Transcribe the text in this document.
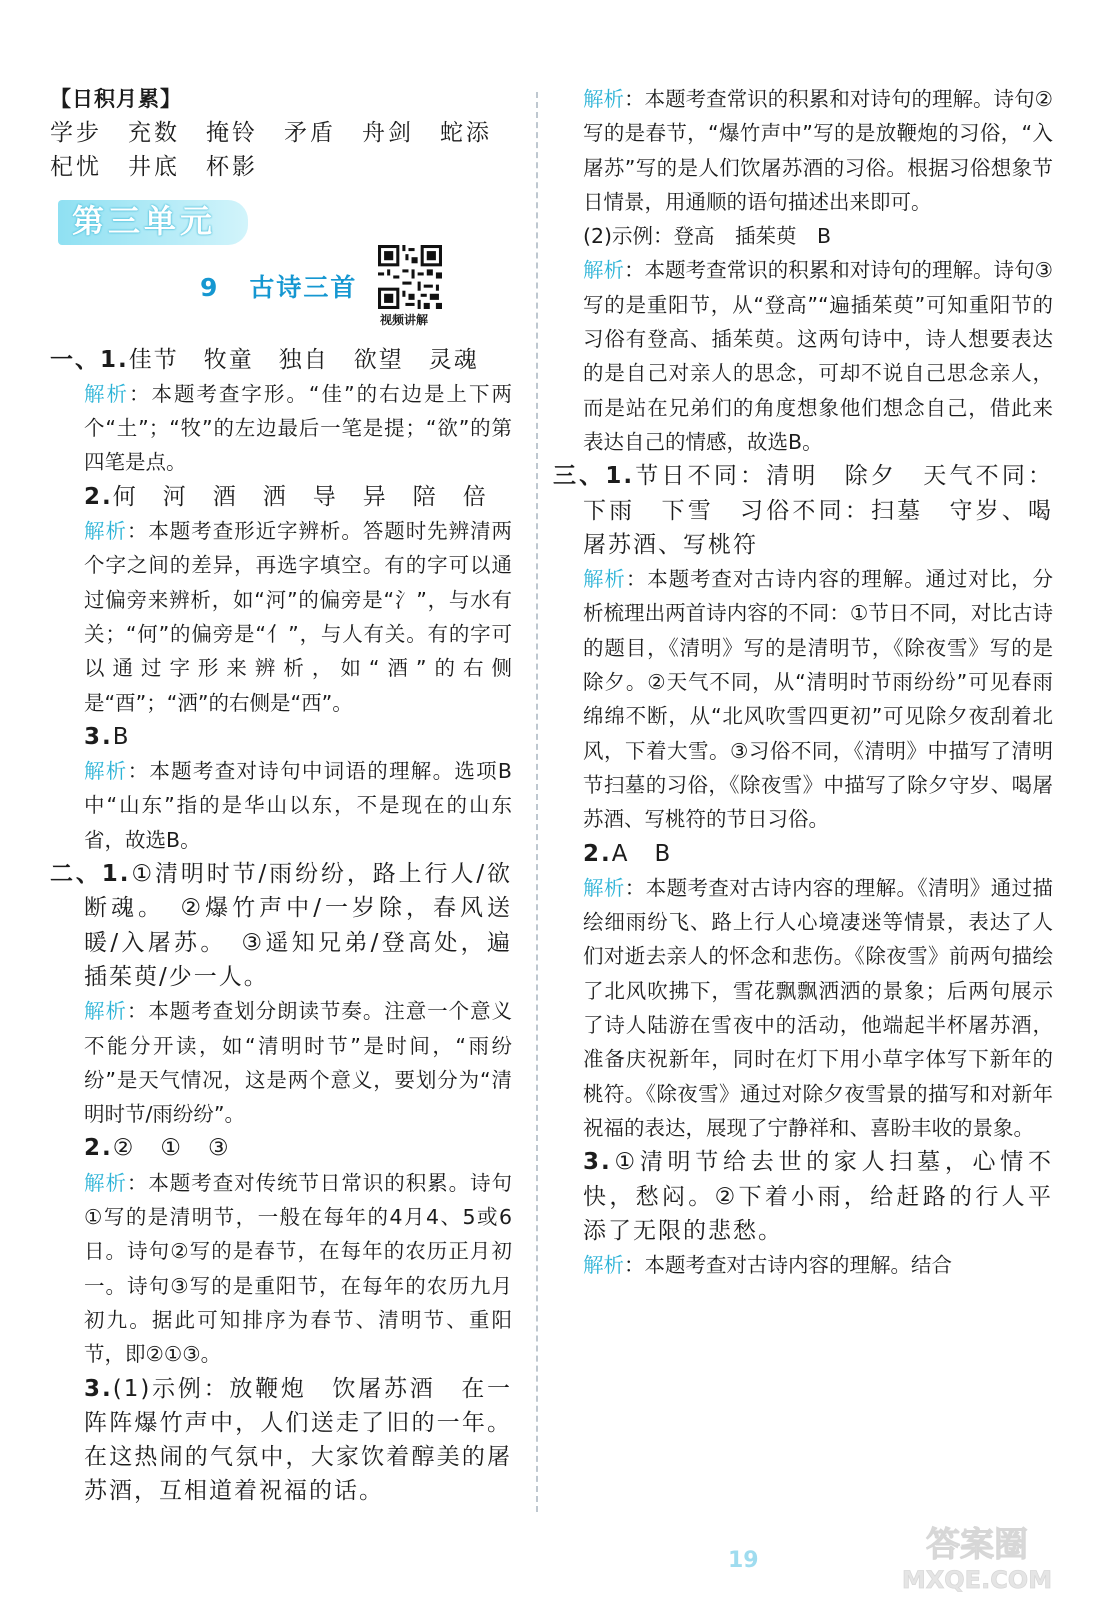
【日积月累】
学步　充数　掩铃　矛盾　舟剑　蛇添
杞忧　井底　杯影
第三单元
9 古诗三首
视频讲解
一、1.佳节　牧童　独自　欲望　灵魂
解析：本题考查字形。“佳”的右边是上下两个“土”；“牧”的左边最后一笔是提；“欲”的第四笔是点。
2.何　河　酒　洒　导　异　陪　倍
解析：本题考查形近字辨析。答题时先辨清两个字之间的差异，再选字填空。有的字可以通过偏旁来辨析，如“河”的偏旁是“氵”，与水有关；“何”的偏旁是“亻”，与人有关。有的字可以通过字形来辨析，如“酒”的右侧是“酉”；“洒”的右侧是“西”。
3.B
解析：本题考查对诗句中词语的理解。选项B中“山东”指的是华山以东，不是现在的山东省，故选B。
二、1.①清明时节/雨纷纷，路上行人/欲断魂。　②爆竹声中/一岁除，春风送暖/入屠苏。　③遥知兄弟/登高处，遍插茱萸/少一人。
解析：本题考查划分朗读节奏。注意一个意义不能分开读，如“清明时节”是时间，“雨纷纷”是天气情况，这是两个意义，要划分为“清明时节/雨纷纷”。
2.②　①　③
解析：本题考查对传统节日常识的积累。诗句①写的是清明节，一般在每年的4月4、5或6日。诗句②写的是春节，在每年的农历正月初一。诗句③写的是重阳节，在每年的农历九月初九。据此可知排序为春节、清明节、重阳节，即②①③。
3.(1)示例：放鞭炮　饮屠苏酒　在一阵阵爆竹声中，人们送走了旧的一年。在这热闹的气氛中，大家饮着醇美的屠苏酒，互相道着祝福的话。
解析：本题考查常识的积累和对诗句的理解。诗句②写的是春节，“爆竹声中”写的是放鞭炮的习俗，“入屠苏”写的是人们饮屠苏酒的习俗。根据习俗想象节日情景，用通顺的语句描述出来即可。
(2)示例：登高　插茱萸　B
解析：本题考查常识的积累和对诗句的理解。诗句③写的是重阳节，从“登高”“遍插茱萸”可知重阳节的习俗有登高、插茱萸。这两句诗中，诗人想要表达的是自己对亲人的思念，可却不说自己思念亲人，而是站在兄弟们的角度想象他们想念自己，借此来表达自己的情感，故选B。
三、1.节日不同：清明　除夕　天气不同：下雨　下雪　习俗不同：扫墓　守岁、喝屠苏酒、写桃符
解析：本题考查对古诗内容的理解。通过对比，分析梳理出两首诗内容的不同：①节日不同，对比古诗的题目，《清明》写的是清明节，《除夜雪》写的是除夕。②天气不同，从“清明时节雨纷纷”可见春雨绵绵不断，从“北风吹雪四更初”可见除夕夜刮着北风，下着大雪。③习俗不同，《清明》中描写了清明节扫墓的习俗，《除夜雪》中描写了除夕守岁、喝屠苏酒、写桃符的节日习俗。
2.A　B
解析：本题考查对古诗内容的理解。《清明》通过描绘细雨纷飞、路上行人心境凄迷等情景，表达了人们对逝去亲人的怀念和悲伤。《除夜雪》前两句描绘了北风吹拂下，雪花飘飘洒洒的景象；后两句展示了诗人陆游在雪夜中的活动，他端起半杯屠苏酒，准备庆祝新年，同时在灯下用小草字体写下新年的桃符。《除夜雪》通过对除夕夜雪景的描写和对新年祝福的表达，展现了宁静祥和、喜盼丰收的景象。
3.①清明节给去世的家人扫墓，心情不快，愁闷。②下着小雨，给赶路的行人平添了无限的悲愁。
解析：本题考查对古诗内容的理解。结合
19	答案圈
MXQE.COM
